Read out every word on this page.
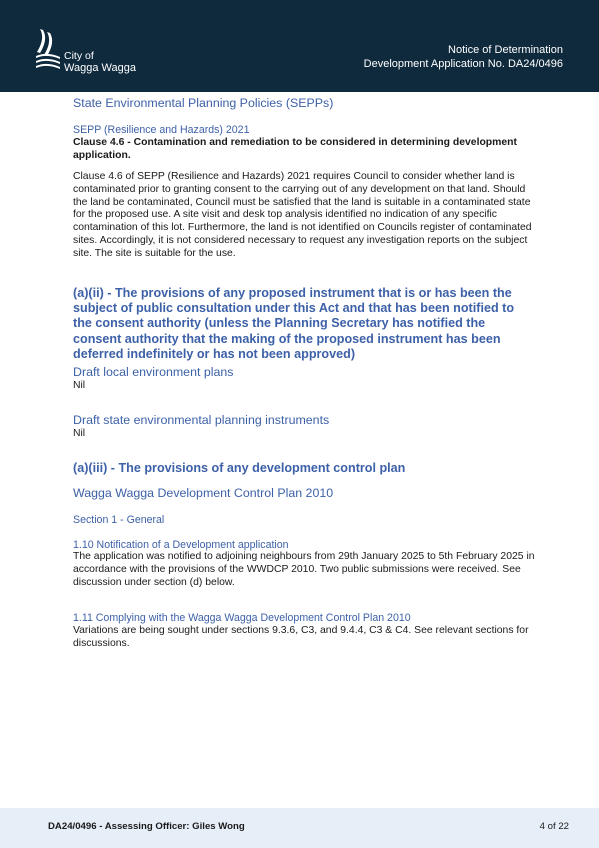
City of
Wagga Wagga
Notice of Determination
Development Application No. DA24/0496
State Environmental Planning Policies (SEPPs)
SEPP (Resilience and Hazards) 2021
Clause 4.6 - Contamination and remediation to be considered in determining development application.
Clause 4.6 of SEPP (Resilience and Hazards) 2021 requires Council to consider whether land is contaminated prior to granting consent to the carrying out of any development on that land. Should the land be contaminated, Council must be satisfied that the land is suitable in a contaminated state for the proposed use. A site visit and desk top analysis identified no indication of any specific contamination of this lot. Furthermore, the land is not identified on Councils register of contaminated sites. Accordingly, it is not considered necessary to request any investigation reports on the subject site. The site is suitable for the use.
(a)(ii) - The provisions of any proposed instrument that is or has been the subject of public consultation under this Act and that has been notified to the consent authority (unless the Planning Secretary has notified the consent authority that the making of the proposed instrument has been deferred indefinitely or has not been approved)
Draft local environment plans
Nil
Draft state environmental planning instruments
Nil
(a)(iii) - The provisions of any development control plan
Wagga Wagga Development Control Plan 2010
Section 1 - General
1.10 Notification of a Development application
The application was notified to adjoining neighbours from 29th January 2025 to 5th February 2025 in accordance with the provisions of the WWDCP 2010. Two public submissions were received. See discussion under section (d) below.
1.11 Complying with the Wagga Wagga Development Control Plan 2010
Variations are being sought under sections 9.3.6, C3, and 9.4.4, C3 & C4. See relevant sections for discussions.
DA24/0496 - Assessing Officer: Giles Wong	4 of 22
